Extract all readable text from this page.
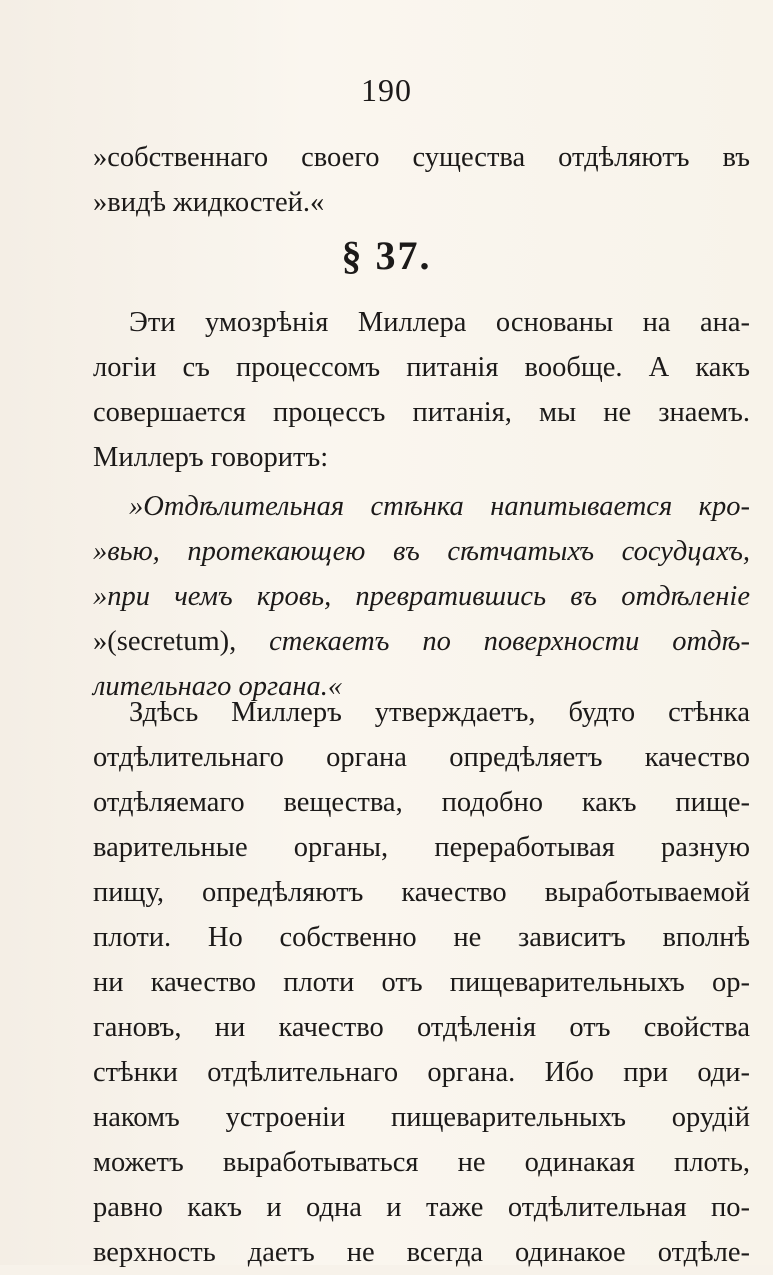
190
»собственнаго своего существа отдѣляютъ въ
»видѣ жидкостей.«
§ 37.
Эти умозрѣнія Миллера основаны на ана-
логіи съ процессомъ питанія вообще. А какъ
совершается процессъ питанія, мы не знаемъ.
Миллеръ говоритъ:
»Отдѣлительная стѣнка напитывается кро-
»вью, протекающею въ сѣтчатыхъ сосудцахъ,
»при чемъ кровь, превратившись въ отдѣленіе
»(secretum), стекаетъ по поверхности отдѣ-
лительнаго органа.«
Здѣсь Миллеръ утверждаетъ, будто стѣнка
отдѣлительнаго органа опредѣляетъ качество
отдѣляемаго вещества, подобно какъ пище-
варительные органы, переработывая разную
пищу, опредѣляютъ качество выработываемой
плоти. Но собственно не зависитъ вполнѣ
ни качество плоти отъ пищеварительныхъ ор-
гановъ, ни качество отдѣленія отъ свойства
стѣнки отдѣлительнаго органа. Ибо при оди-
накомъ устроеніи пищеварительныхъ орудій
можетъ выработываться не одинакая плоть,
равно какъ и одна и таже отдѣлительная по-
верхность даетъ не всегда одинакое отдѣле-
